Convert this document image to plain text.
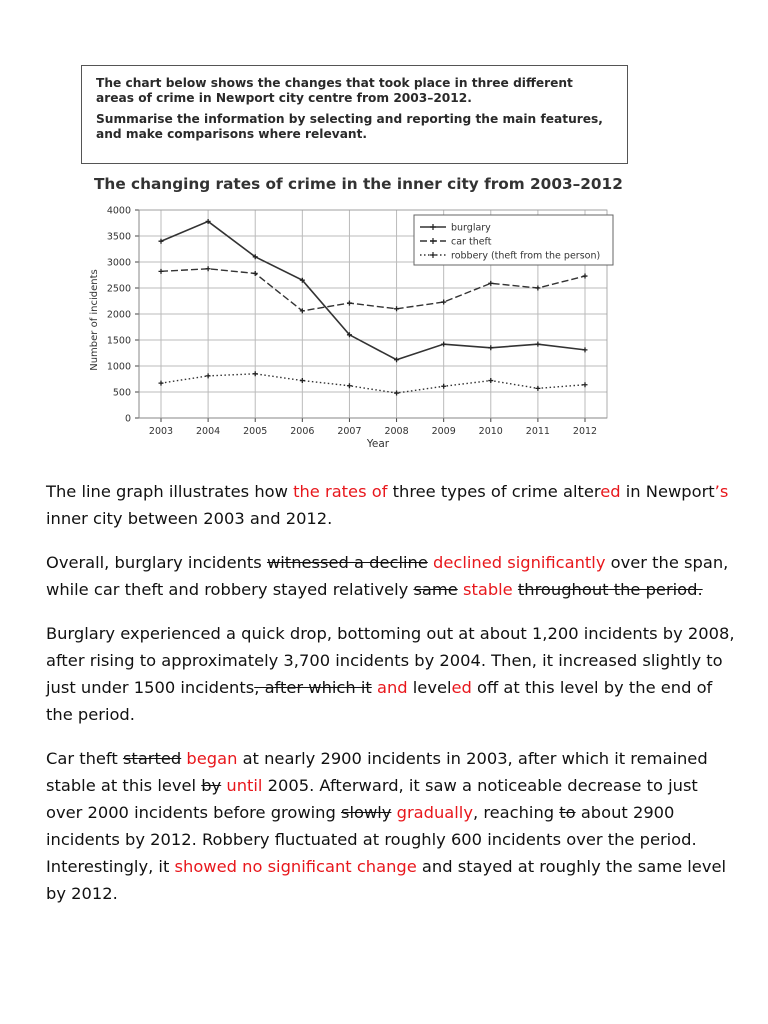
The chart below shows the changes that took place in three different areas of crime in Newport city centre from 2003–2012.

Summarise the information by selecting and reporting the main features, and make comparisons where relevant.

The changing rates of crime in the inner city from 2003–2012
0
500
1000
1500
2000
2500
3000
3500
4000
2003 2004 2005 2006 2007 2008 2009 2010 2011 2012
Number of incidents
Year
burglary
car theft
robbery (theft from the person)

The line graph illustrates how the rates of three types of crime altered in Newport’s inner city between 2003 and 2012.

Overall, burglary incidents witnessed a decline declined significantly over the span, while car theft and robbery stayed relatively same stable throughout the period.

Burglary experienced a quick drop, bottoming out at about 1,200 incidents by 2008, after rising to approximately 3,700 incidents by 2004. Then, it increased slightly to just under 1500 incidents, after which it and leveled off at this level by the end of the period.

Car theft started began at nearly 2900 incidents in 2003, after which it remained stable at this level by until 2005. Afterward, it saw a noticeable decrease to just over 2000 incidents before growing slowly gradually, reaching to about 2900 incidents by 2012. Robbery fluctuated at roughly 600 incidents over the period. Interestingly, it showed no significant change and stayed at roughly the same level by 2012.
